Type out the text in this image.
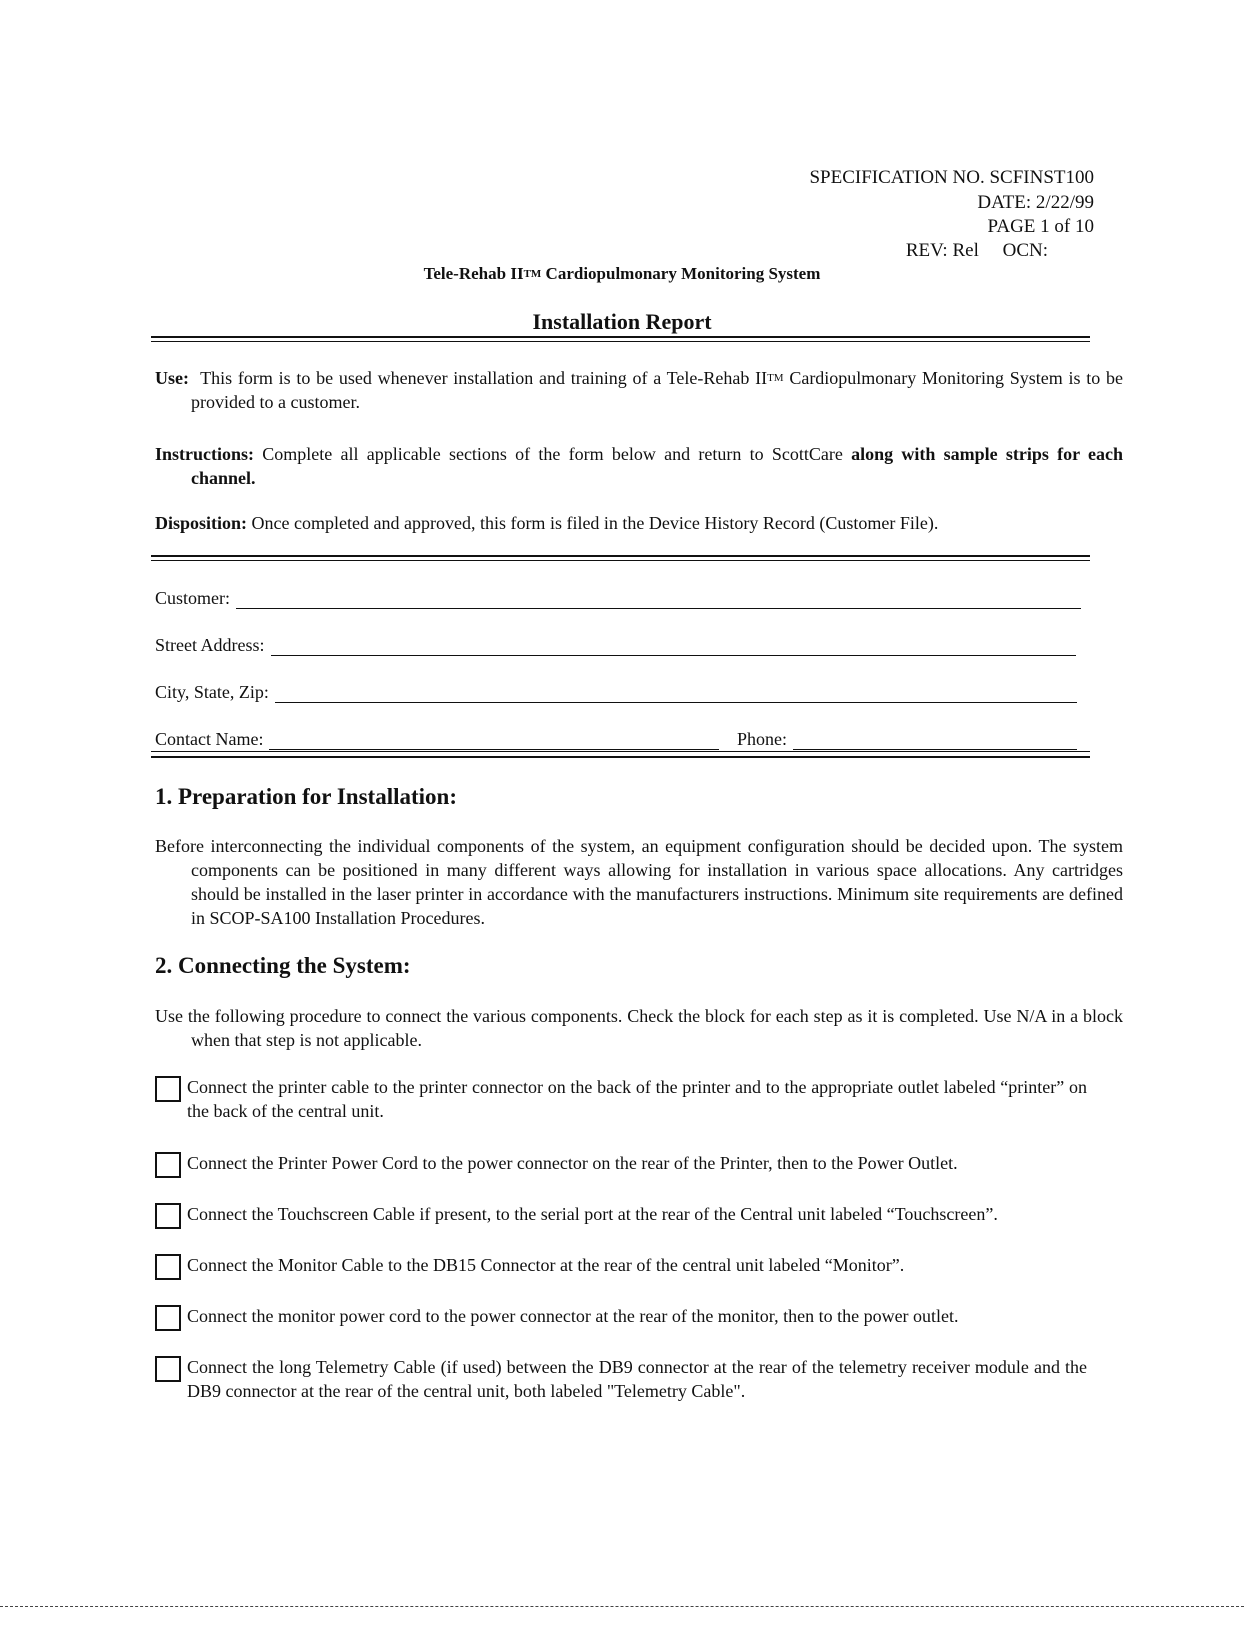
SPECIFICATION NO. SCFINST100
DATE: 2/22/99
PAGE 1 of 10
REV: Rel     OCN:
Tele-Rehab IITM Cardiopulmonary Monitoring System
Installation Report
Use: This form is to be used whenever installation and training of a Tele-Rehab IITM Cardiopulmonary Monitoring System is to be provided to a customer.
Instructions: Complete all applicable sections of the form below and return to ScottCare along with sample strips for each channel.
Disposition: Once completed and approved, this form is filed in the Device History Record (Customer File).
Customer:
Street Address:
City, State, Zip:
Contact Name:	Phone:
1. Preparation for Installation:
Before interconnecting the individual components of the system, an equipment configuration should be decided upon. The system components can be positioned in many different ways allowing for installation in various space allocations. Any cartridges should be installed in the laser printer in accordance with the manufacturers instructions. Minimum site requirements are defined in SCOP-SA100 Installation Procedures.
2. Connecting the System:
Use the following procedure to connect the various components. Check the block for each step as it is completed. Use N/A in a block when that step is not applicable.
Connect the printer cable to the printer connector on the back of the printer and to the appropriate outlet labeled “printer” on the back of the central unit.
Connect the Printer Power Cord to the power connector on the rear of the Printer, then to the Power Outlet.
Connect the Touchscreen Cable if present, to the serial port at the rear of the Central unit labeled “Touchscreen”.
Connect the Monitor Cable to the DB15 Connector at the rear of the central unit labeled “Monitor”.
Connect the monitor power cord to the power connector at the rear of the monitor, then to the power outlet.
Connect the long Telemetry Cable (if used) between the DB9 connector at the rear of the telemetry receiver module and the DB9 connector at the rear of the central unit, both labeled "Telemetry Cable".
